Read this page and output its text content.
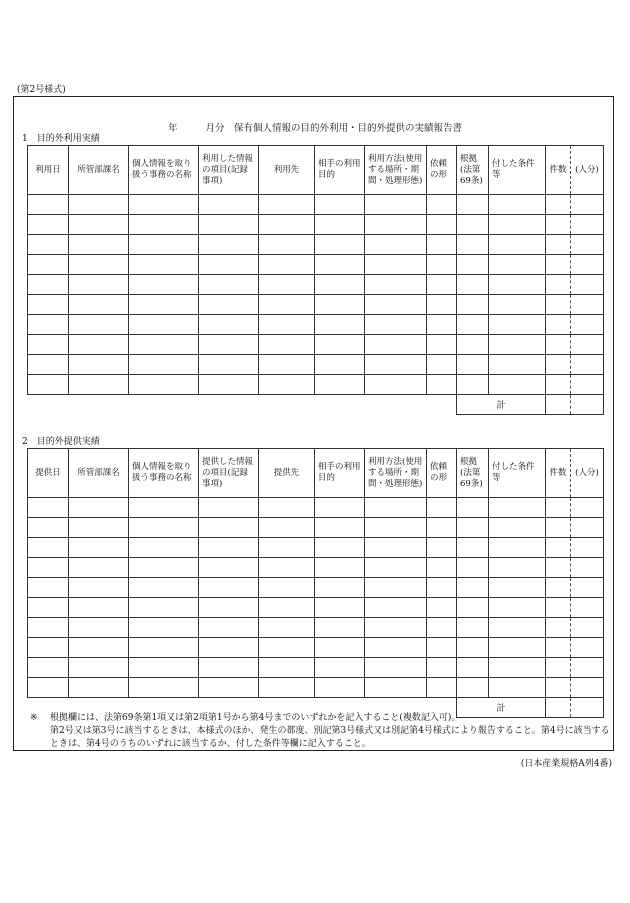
(第2号様式)
年	月分　 保有個人情報の目的外利用・目的外提供の実績報告書
1　目的外利用実績
利用日	所管部課名	個人情報を取り扱う事務の名称	利用した情報の項目(記録事項)	利用先	相手の利用目的	利用方法(使用する場所・期間・処理形態)	依頼の形	根拠(法第69条)	付した条件等	件数	(人分)

								計			
2　目的外提供実績
提供日	所管部課名	個人情報を取り扱う事務の名称	提供した情報の項目(記録事項)	提供先	相手の利用目的	利用方法(使用する場所・期間・処理形態)	依頼の形	根拠(法第69条)	付した条件等	件数	(人分)

								計			
※	根拠欄には、法第69条第1項又は第2項第1号から第4号までのいずれかを記入すること(複数記入可)。
第2号又は第3号に該当するときは、本様式のほか、発生の都度、別記第3号様式又は別記第4号様式により報告すること。第4号に該当するときは、第4号のうちのいずれに該当するか、付した条件等欄に記入すること。
(日本産業規格A列4番)
